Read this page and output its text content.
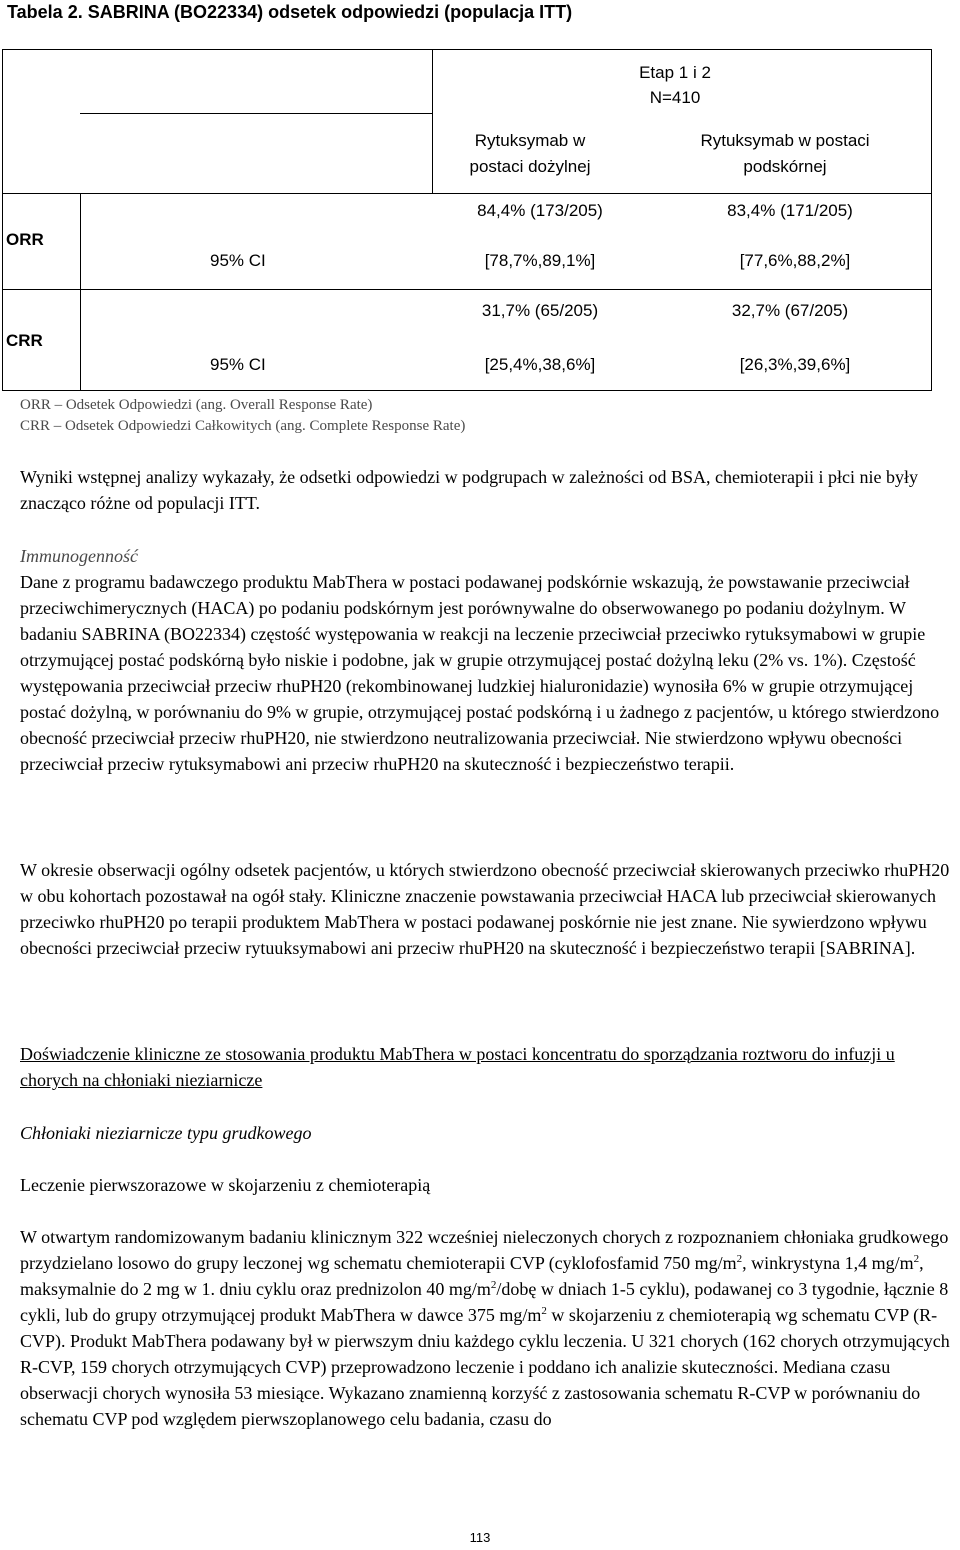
Tabela 2. SABRINA (BO22334) odsetek odpowiedzi (populacja ITT)
Etap 1 i 2
N=410
Rytuksymab w postaci dożylnej
Rytuksymab w postaci podskórnej
ORR
84,4% (173/205)	83,4% (171/205)
95% CI	[78,7%,89,1%]	[77,6%,88,2%]
CRR
31,7% (65/205)	32,7% (67/205)
95% CI	[25,4%,38,6%]	[26,3%,39,6%]
ORR – Odsetek Odpowiedzi (ang. Overall Response Rate)
CRR – Odsetek Odpowiedzi Całkowitych (ang. Complete Response Rate)
Wyniki wstępnej analizy wykazały, że odsetki odpowiedzi w podgrupach w zależności od BSA, chemioterapii i płci nie były znacząco różne od populacji ITT.
Immunogenność
Dane z programu badawczego produktu MabThera w postaci podawanej podskórnie wskazują, że powstawanie przeciwciał przeciwchimerycznych (HACA) po podaniu podskórnym jest porównywalne do obserwowanego po podaniu dożylnym. W badaniu SABRINA (BO22334) częstość występowania w reakcji na leczenie przeciwciał przeciwko rytuksymabowi w grupie otrzymującej postać podskórną było niskie i podobne, jak w grupie otrzymującej postać dożylną leku (2% vs. 1%). Częstość występowania przeciwciał przeciw rhuPH20 (rekombinowanej ludzkiej hialuronidazie) wynosiła 6% w grupie otrzymującej postać dożylną, w porównaniu do 9% w grupie, otrzymującej postać podskórną i u żadnego z pacjentów, u którego stwierdzono obecność przeciwciał przeciw rhuPH20, nie stwierdzono neutralizowania przeciwciał. Nie stwierdzono wpływu obecności przeciwciał przeciw rytuksymabowi ani przeciw rhuPH20 na skuteczność i bezpieczeństwo terapii.
W okresie obserwacji ogólny odsetek pacjentów, u których stwierdzono obecność przeciwciał skierowanych przeciwko rhuPH20 w obu kohortach pozostawał na ogół stały. Kliniczne znaczenie powstawania przeciwciał HACA lub przeciwciał skierowanych przeciwko rhuPH20 po terapii produktem MabThera w postaci podawanej poskórnie nie jest znane. Nie sywierdzono wpływu obecności przeciwciał przeciw rytuuksymabowi ani przeciw rhuPH20 na skuteczność i bezpieczeństwo terapii [SABRINA].
Doświadczenie kliniczne ze stosowania produktu MabThera w postaci koncentratu do sporządzania roztworu do infuzji u chorych na chłoniaki nieziarnicze
Chłoniaki nieziarnicze typu grudkowego
Leczenie pierwszorazowe w skojarzeniu z chemioterapią
W otwartym randomizowanym badaniu klinicznym 322 wcześniej nieleczonych chorych z rozpoznaniem chłoniaka grudkowego przydzielano losowo do grupy leczonej wg schematu chemioterapii CVP (cyklofosfamid 750 $mg/m^2$, winkrystyna 1,4 $mg/m^2$, maksymalnie do 2 mg w 1. dniu cyklu oraz prednizolon 40 $mg/m^2$/dobę w dniach 1-5 cyklu), podawanej co 3 tygodnie, łącznie 8 cykli, lub do grupy otrzymującej produkt MabThera w dawce 375 $mg/m^2$ w skojarzeniu z chemioterapią wg schematu CVP (R-CVP). Produkt MabThera podawany był w pierwszym dniu każdego cyklu leczenia. U 321 chorych (162 chorych otrzymujących R-CVP, 159 chorych otrzymujących CVP) przeprowadzono leczenie i poddano ich analizie skuteczności. Mediana czasu obserwacji chorych wynosiła 53 miesiące. Wykazano znamienną korzyść z zastosowania schematu R-CVP w porównaniu do schematu CVP pod względem pierwszoplanowego celu badania, czasu do
113
